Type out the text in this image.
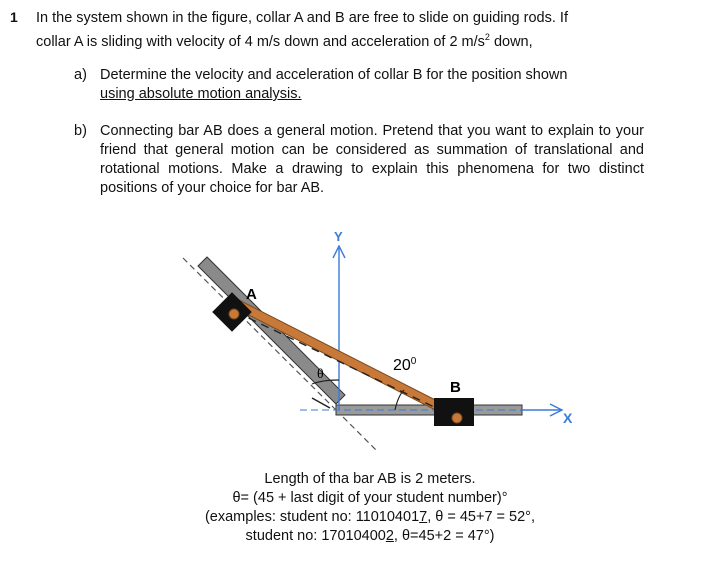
1 In the system shown in the figure, collar A and B are free to slide on guiding rods. If
collar A is sliding with velocity of 4 m/s down and acceleration of 2 $m/s^2$ down,
a) Determine the velocity and acceleration of collar B for the position shown
using absolute motion analysis.
b) Connecting bar AB does a general motion. Pretend that you want to explain to your friend that general motion can be considered as summation of translational and rotational motions. Make a drawing to explain this phenomena for two distinct positions of your choice for bar AB.
Y
X
A
B
$20^0$
θ
Length of tha bar AB is 2 meters.
θ= (45 + last digit of your student number)°
(examples: student no: 110104017, θ = 45+7 = 52°,
student no: 170104002, θ=45+2 = 47°)
